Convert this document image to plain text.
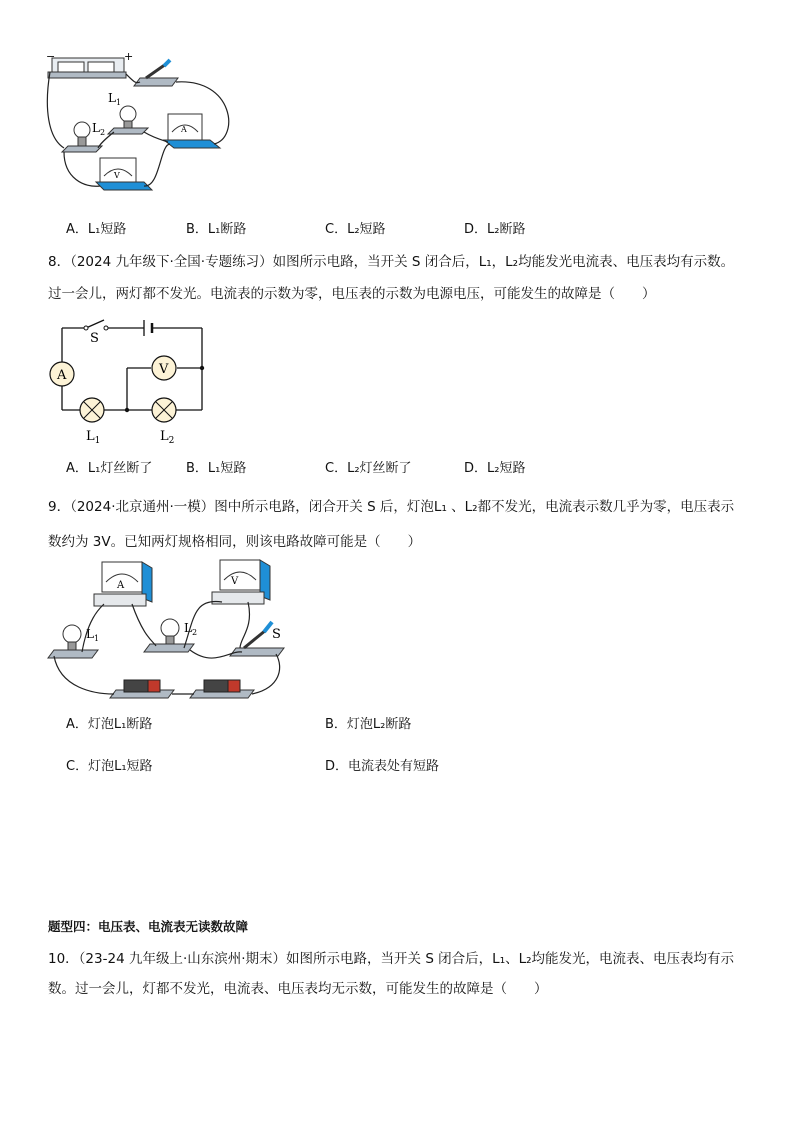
−	+
$L_1$
$L_2$	A
V
A．L₁短路	B．L₁断路	C．L₂短路	D．L₂断路
8．（2024 九年级下·全国·专题练习）如图所示电路，当开关 S 闭合后，L₁，L₂均能发光电流表、电压表均有示数。
过一会儿，两灯都不发光。电流表的示数为零，电压表的示数为电源电压，可能发生的故障是（　　）
S
A	V
$L_1$	$L_2$
A．L₁灯丝断了	B．L₁短路	C．L₂灯丝断了	D．L₂短路
9．（2024·北京通州·一模）图中所示电路，闭合开关 S 后，灯泡L₁ 、L₂都不发光，电流表示数几乎为零，电压表示
数约为 3V。已知两灯规格相同，则该电路故障可能是（　　）
A	V
$L_1$
$L_2$	S
A．灯泡L₁断路	B．灯泡L₂断路
C．灯泡L₁短路	D．电流表处有短路
题型四：电压表、电流表无读数故障
10．（23-24 九年级上·山东滨州·期末）如图所示电路，当开关 S 闭合后，L₁、L₂均能发光，电流表、电压表均有示
数。过一会儿，灯都不发光，电流表、电压表均无示数，可能发生的故障是（　　）
